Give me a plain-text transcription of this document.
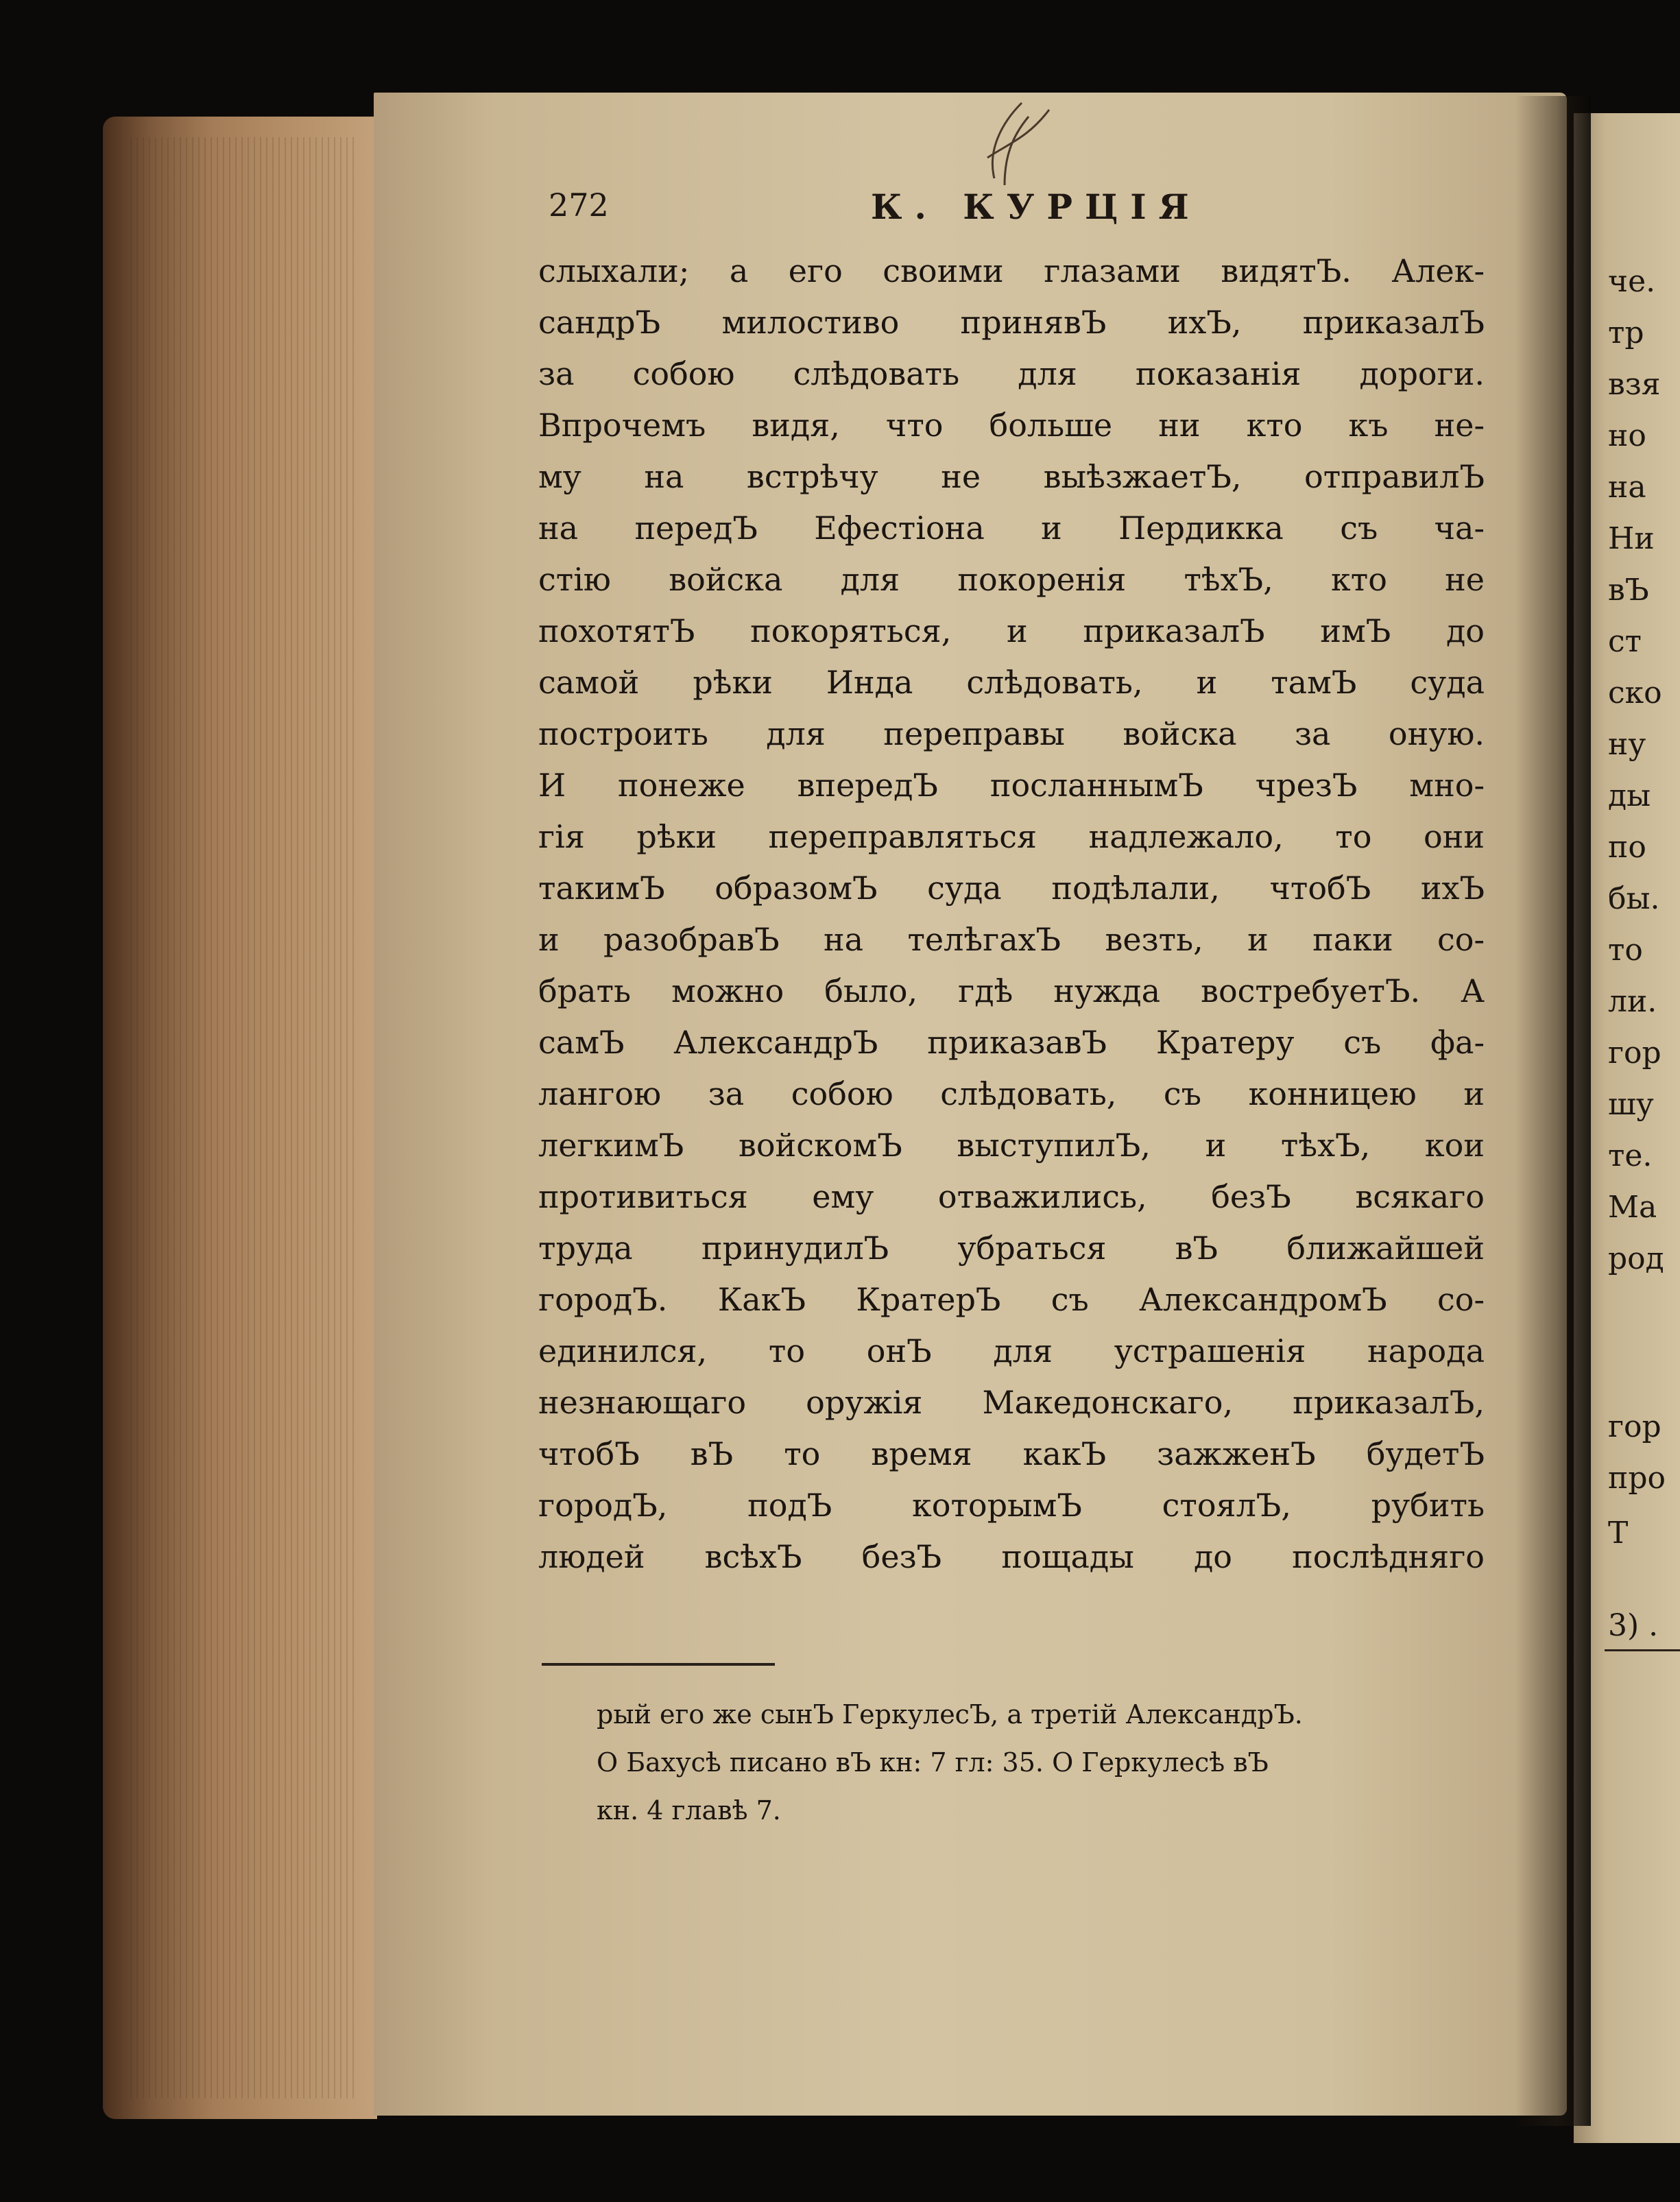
272	К. КУРЦІЯ
слыхали; а его своими глазами видятЪ. Алек-
сандрЪ милостиво принявЪ ихЪ, приказалЪ
за собою слѣдовать для показанія дороги.
Впрочемъ видя, что больше ни кто къ не-
му на встрѣчу не выѣзжаетЪ, отправилЪ
на передЪ Ефестіона и Пердикка съ ча-
стію войска для покоренія тѣхЪ, кто не
похотятЪ покоряться, и приказалЪ имЪ до
самой рѣки Инда слѣдовать, и тамЪ суда
построить для переправы войска за оную.
И понеже впередЪ посланнымЪ чрезЪ мно-
гія рѣки переправляться надлежало, то они
такимЪ образомЪ суда подѣлали, чтобЪ ихЪ
и разобравЪ на телѣгахЪ везть, и паки со-
брать можно было, гдѣ нужда востребуетЪ. А
самЪ АлександрЪ приказавЪ Кратеру съ фа-
лангою за собою слѣдовать, съ конницею и
легкимЪ войскомЪ выступилЪ, и тѣхЪ, кои
противиться ему отважились, безЪ всякаго
труда принудилЪ убраться вЪ ближайшей
городЪ. КакЪ КратерЪ съ АлександромЪ со-
единился, то онЪ для устрашенія народа
незнающаго оружія Македонскаго, приказалЪ,
чтобЪ вЪ то время какЪ зажженЪ будетЪ
городЪ, подЪ которымЪ стоялЪ, рубить
людей всѣхЪ безЪ пощады до послѣдняго
рый его же сынЪ ГеркулесЪ, а третій АлександрЪ.
О Бахусѣ писано вЪ кн: 7 гл: 35. О Геркулесѣ вЪ
кн. 4 главѣ 7.
че.
тр
взя
но
на
Ни
вЪ
ст
ско
ну
ды
по
бы.
то
ли.
гор
шу
те.
Ма
род
гор
про
Т
3) .
